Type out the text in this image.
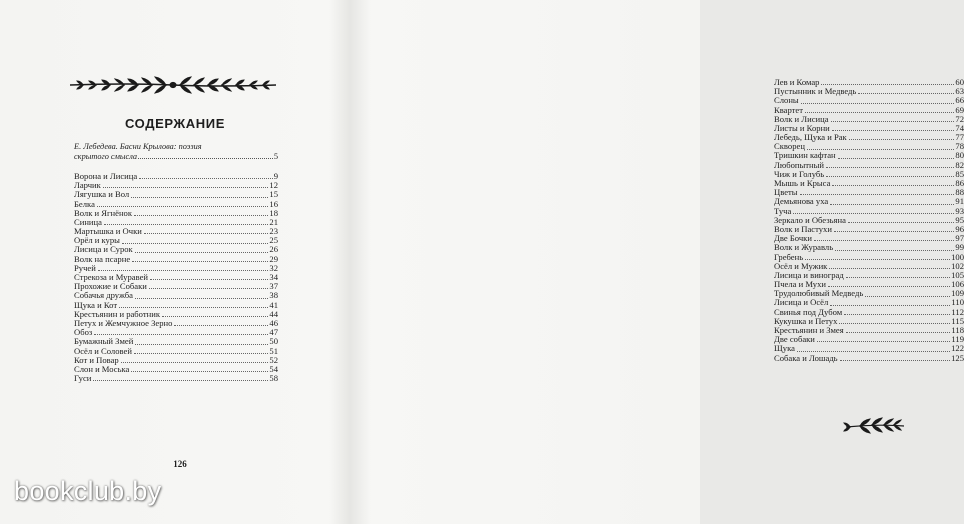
СОДЕРЖАНИЕ
Е. Лебедева. Басни Крылова: поэзия
скрытого смысла	5
Ворона и Лисица	9
Ларчик	12
Лягушка и Вол	15
Белка	16
Волк и Ягнёнок	18
Синица	21
Мартышка и Очки	23
Орёл и куры	25
Лисица и Сурок	26
Волк на псарне	29
Ручей	32
Стрекоза и Муравей	34
Прохожие и Собаки	37
Собачья дружба	38
Щука и Кот	41
Крестьянин и работник	44
Петух и Жемчужное Зерно	46
Обоз	47
Бумажный Змей	50
Осёл и Соловей	51
Кот и Повар	52
Слон и Моська	54
Гуси	58
126
Лев и Комар	60
Пустынник и Медведь	63
Слоны	66
Квартет	69
Волк и Лисица	72
Листы и Корни	74
Лебедь, Щука и Рак	77
Скворец	78
Тришкин кафтан	80
Любопытный	82
Чиж и Голубь	85
Мышь и Крыса	86
Цветы	88
Демьянова уха	91
Туча	93
Зеркало и Обезьяна	95
Волк и Пастухи	96
Две Бочки	97
Волк и Журавль	99
Гребень	100
Осёл и Мужик	102
Лисица и виноград	105
Пчела и Мухи	106
Трудолюбивый Медведь	109
Лисица и Осёл	110
Свинья под Дубом	112
Кукушка и Петух	115
Крестьянин и Змея	118
Две собаки	119
Щука	122
Собака и Лошадь	125
bookclub.by
